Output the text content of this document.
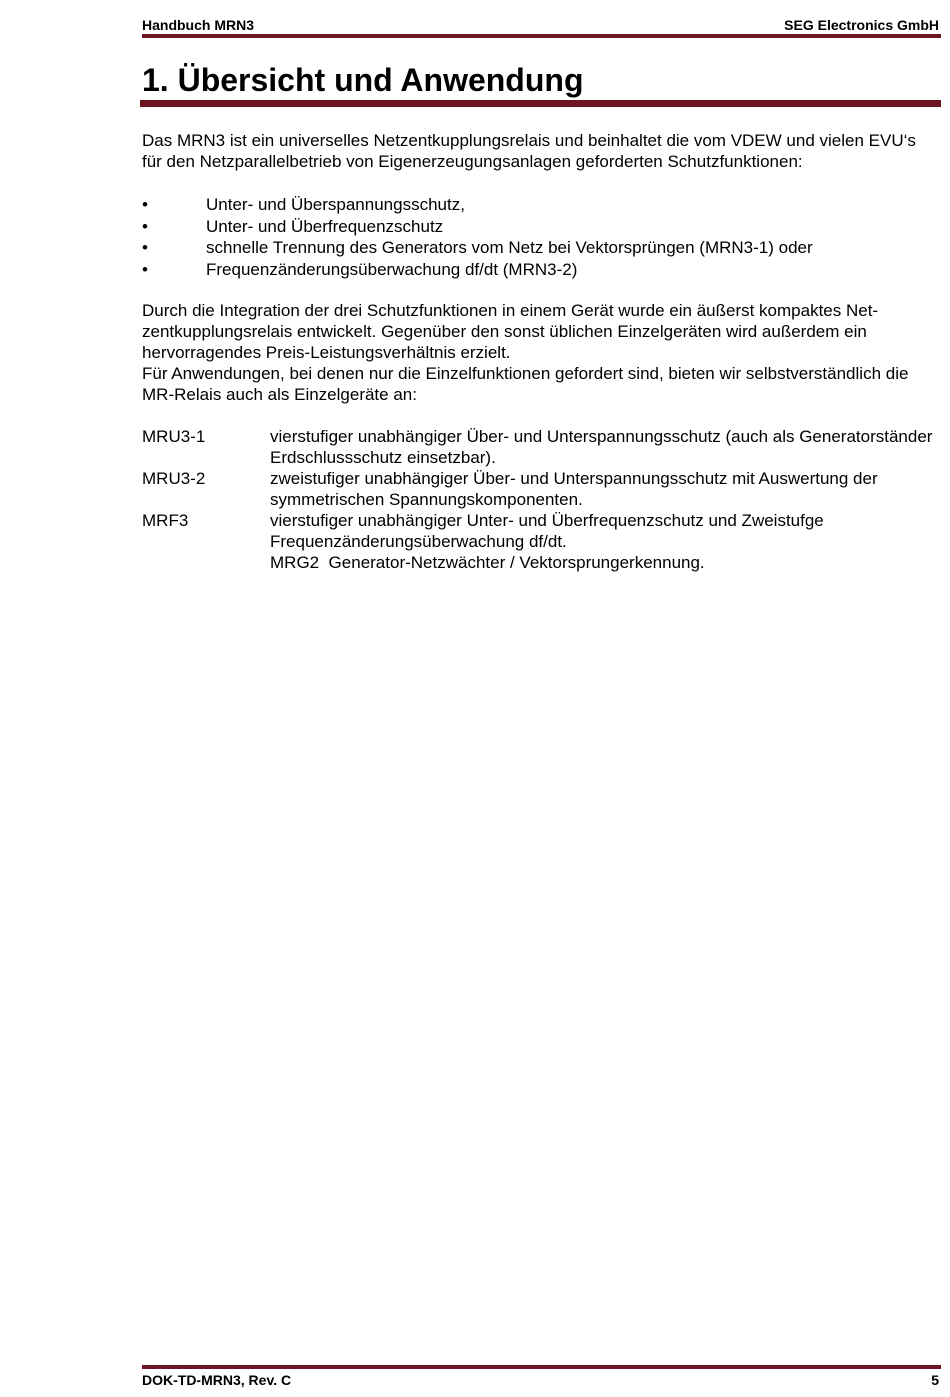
Handbuch MRN3	SEG Electronics GmbH
1. Übersicht und Anwendung

Das MRN3 ist ein universelles Netzentkupplungsrelais und beinhaltet die vom VDEW und vielen EVU‘s für den Netzparallelbetrieb von Eigenerzeugungsanlagen geforderten Schutzfunktionen:

•	Unter- und Überspannungsschutz,
•	Unter- und Überfrequenzschutz
•	schnelle Trennung des Generators vom Netz bei Vektorsprüngen (MRN3-1) oder
•	Frequenzänderungsüberwachung df/dt (MRN3-2)

Durch die Integration der drei Schutzfunktionen in einem Gerät wurde ein äußerst kompaktes Net-zentkupplungsrelais entwickelt. Gegenüber den sonst üblichen Einzelgeräten wird außerdem ein hervorragendes Preis-Leistungsverhältnis erzielt.

Für Anwendungen, bei denen nur die Einzelfunktionen gefordert sind, bieten wir selbstverständlich die MR-Relais auch als Einzelgeräte an:

MRU3-1	vierstufiger unabhängiger Über- und Unterspannungsschutz (auch als Generatorständer Erdschlussschutz einsetzbar).
MRU3-2	zweistufiger unabhängiger Über- und Unterspannungsschutz mit Auswertung der symmetrischen Spannungskomponenten.
MRF3	vierstufiger unabhängiger Unter- und Überfrequenzschutz und Zweistufge Frequenzänderungsüberwachung df/dt.
MRG2  Generator-Netzwächter / Vektorsprungerkennung.
DOK-TD-MRN3, Rev. C	5
